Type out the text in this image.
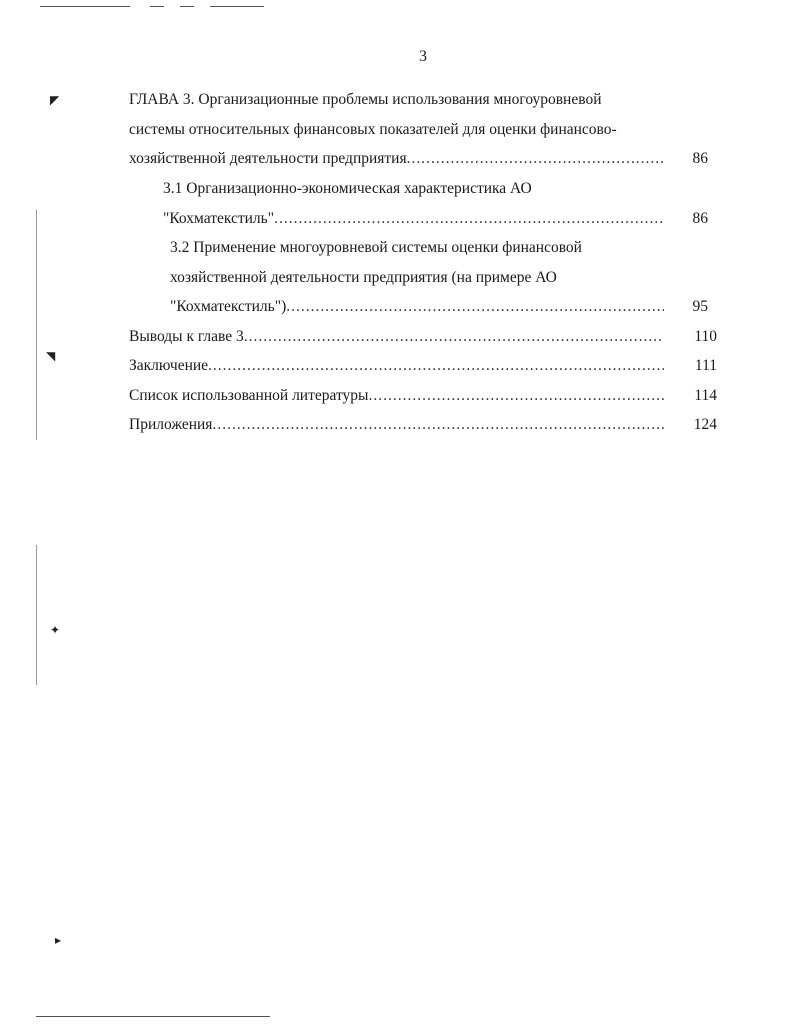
◤
◥
✦
▸
3
ГЛАВА 3. Организационные проблемы использования многоуровневой
системы относительных финансовых показателей для оценки финансово-
хозяйственной деятельности предприятия .....	86
3.1 Организационно-экономическая характеристика АО
"Кохматекстиль" .....	86
3.2 Применение многоуровневой системы оценки финансовой
хозяйственной деятельности предприятия (на примере АО
"Кохматекстиль") .....	95
Выводы к главе 3 .....	110
Заключение .....	111
Список использованной литературы .....	114
Приложения .....	124
